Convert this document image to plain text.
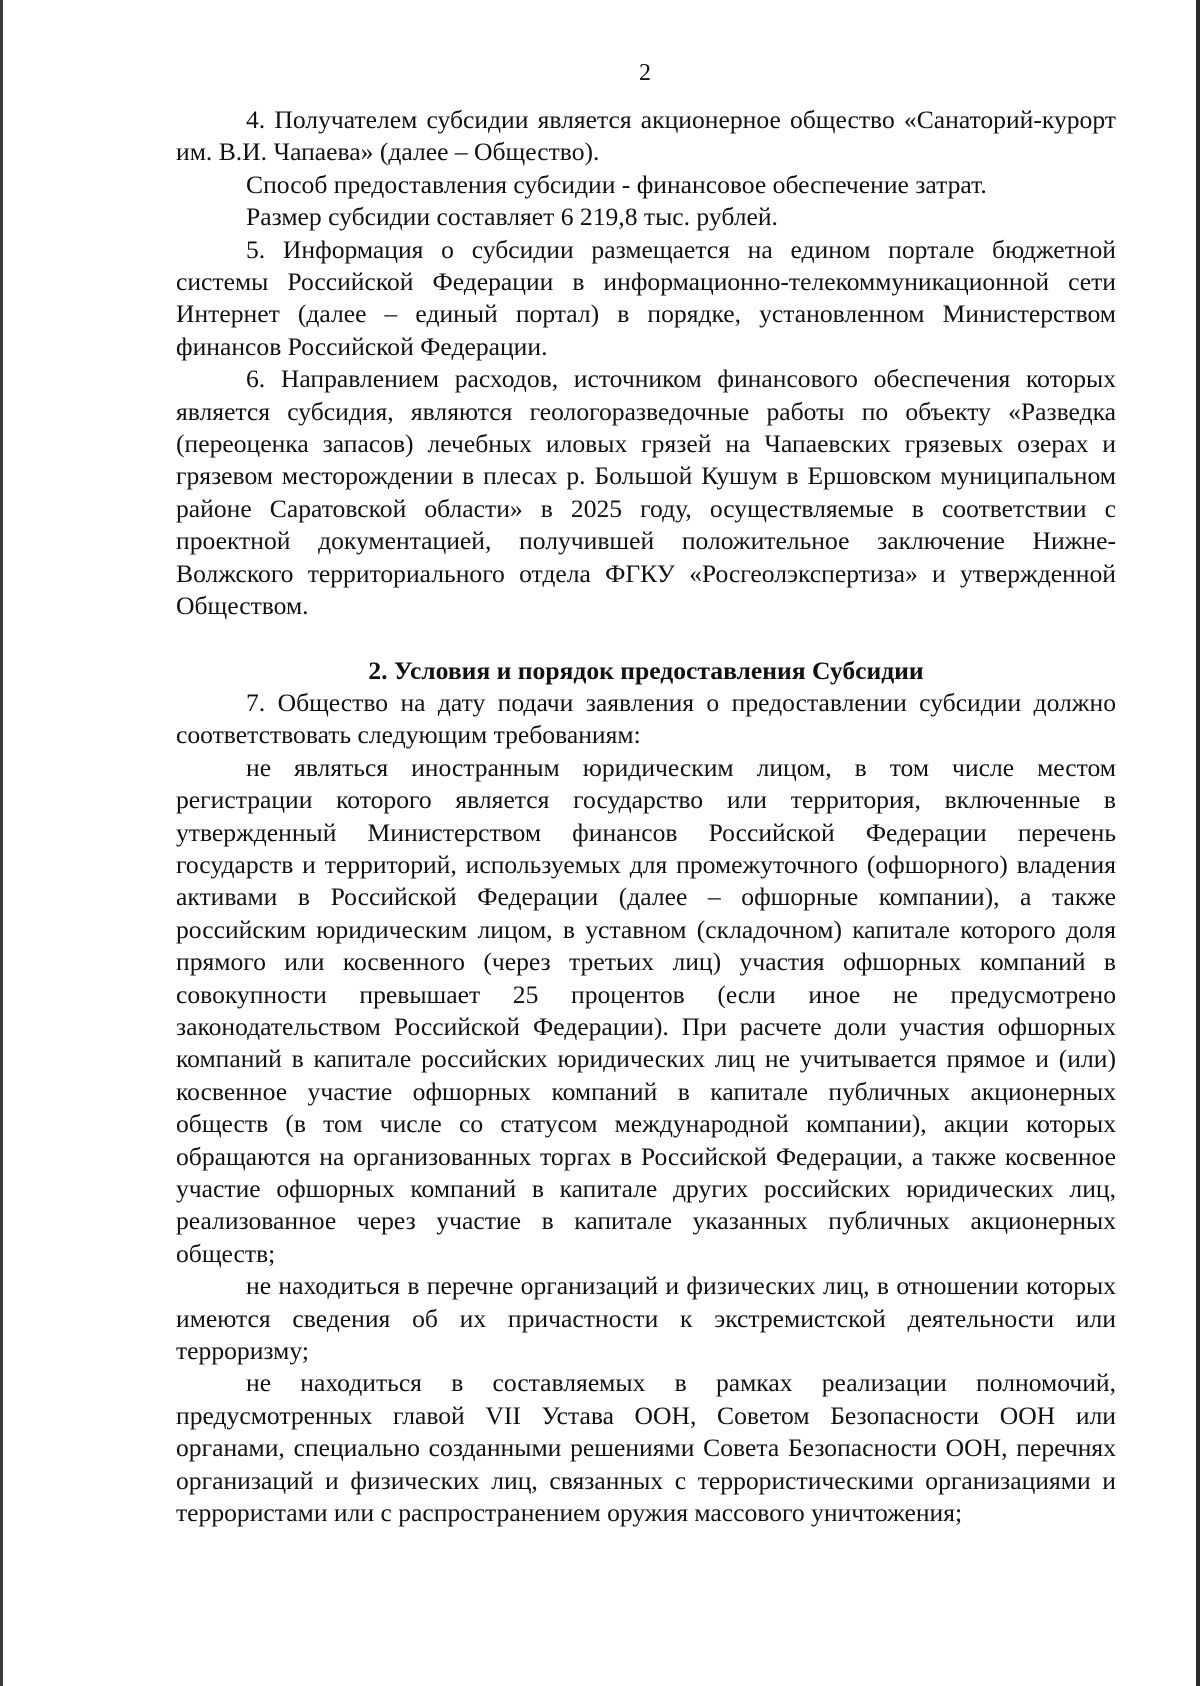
2

4. Получателем субсидии является акционерное общество «Санаторий-курорт им. В.И. Чапаева» (далее – Общество).

Способ предоставления субсидии - финансовое обеспечение затрат.

Размер субсидии составляет 6 219,8 тыс. рублей.

5. Информация о субсидии размещается на едином портале бюджетной системы Российской Федерации в информационно-телекоммуникационной сети Интернет (далее – единый портал) в порядке, установленном Министерством финансов Российской Федерации.

6. Направлением расходов, источником финансового обеспечения которых является субсидия, являются геологоразведочные работы по объекту «Разведка (переоценка запасов) лечебных иловых грязей на Чапаевских грязевых озерах и грязевом месторождении в плесах р. Большой Кушум в Ершовском муниципальном районе Саратовской области» в 2025 году, осуществляемые в соответствии с проектной документацией, получившей положительное заключение Нижне-Волжского территориального отдела ФГКУ «Росгеолэкспертиза» и утвержденной Обществом.

2. Условия и порядок предоставления Субсидии

7. Общество на дату подачи заявления о предоставлении субсидии должно соответствовать следующим требованиям:

не являться иностранным юридическим лицом, в том числе местом регистрации которого является государство или территория, включенные в утвержденный Министерством финансов Российской Федерации перечень государств и территорий, используемых для промежуточного (офшорного) владения активами в Российской Федерации (далее – офшорные компании), а также российским юридическим лицом, в уставном (складочном) капитале которого доля прямого или косвенного (через третьих лиц) участия офшорных компаний в совокупности превышает 25 процентов (если иное не предусмотрено законодательством Российской Федерации). При расчете доли участия офшорных компаний в капитале российских юридических лиц не учитывается прямое и (или) косвенное участие офшорных компаний в капитале публичных акционерных обществ (в том числе со статусом международной компании), акции которых обращаются на организованных торгах в Российской Федерации, а также косвенное участие офшорных компаний в капитале других российских юридических лиц, реализованное через участие в капитале указанных публичных акционерных обществ;

не находиться в перечне организаций и физических лиц, в отношении которых имеются сведения об их причастности к экстремистской деятельности или терроризму;

не находиться в составляемых в рамках реализации полномочий, предусмотренных главой VII Устава ООН, Советом Безопасности ООН или органами, специально созданными решениями Совета Безопасности ООН, перечнях организаций и физических лиц, связанных с террористическими организациями и террористами или с распространением оружия массового уничтожения;
